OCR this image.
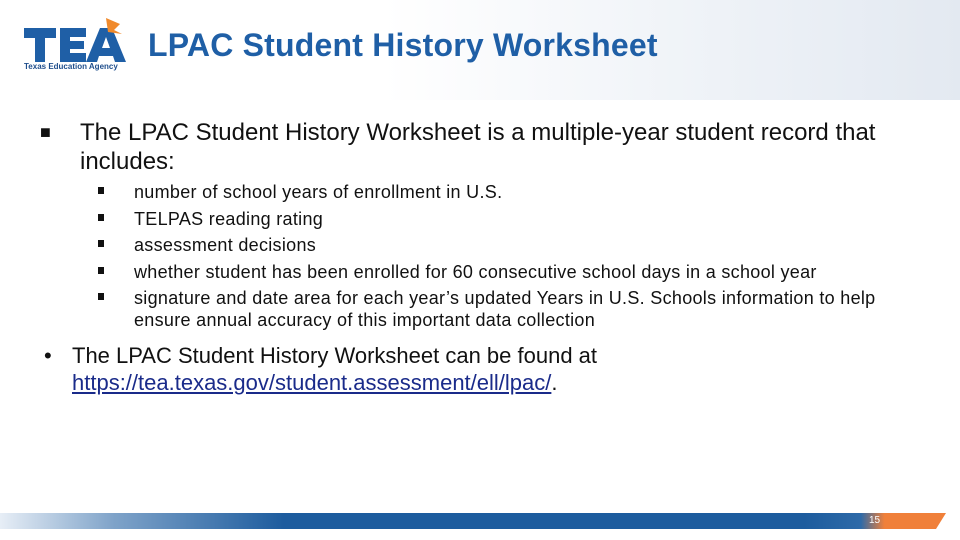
Texas Education Agency
LPAC Student History Worksheet
■ The LPAC Student History Worksheet is a multiple-year student record that includes:
number of school years of enrollment in U.S.
TELPAS reading rating
assessment decisions
whether student has been enrolled for 60 consecutive school days in a school year
signature and date area for each year’s updated Years in U.S. Schools information to help ensure annual accuracy of this important data collection
• The LPAC Student History Worksheet can be found at https://tea.texas.gov/student.assessment/ell/lpac/.
15
